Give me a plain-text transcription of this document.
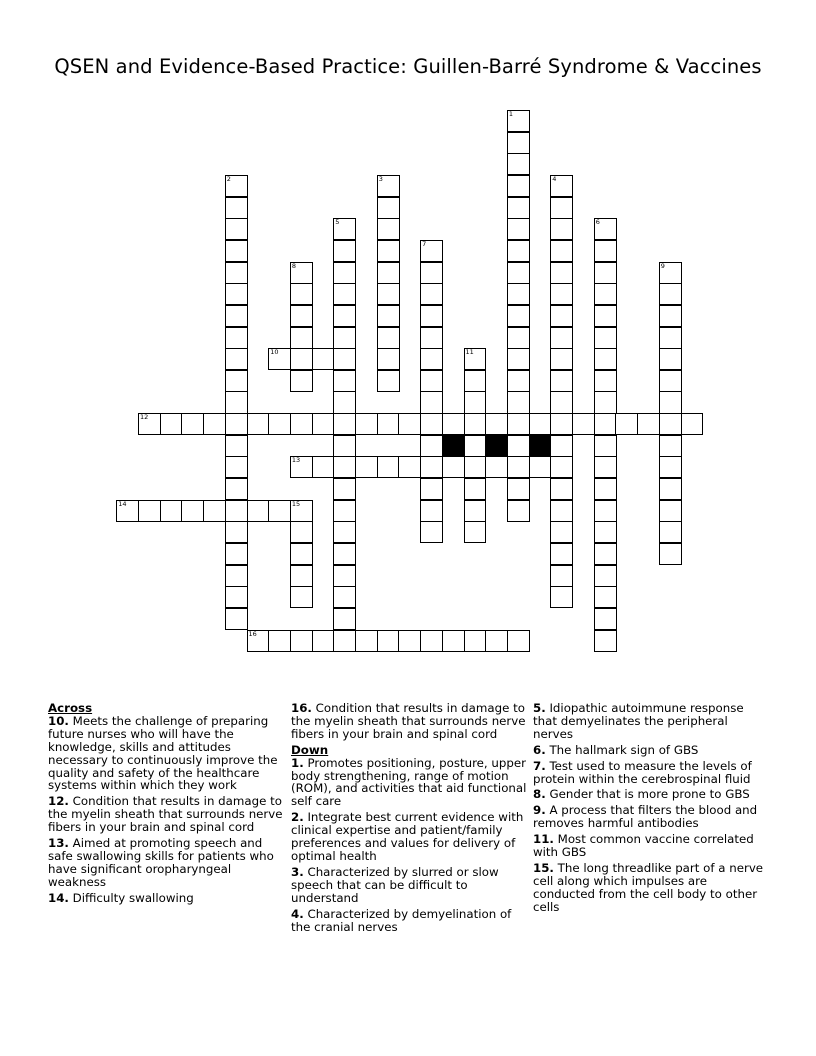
QSEN and Evidence-Based Practice: Guillen-Barré Syndrome & Vaccines
1
2	3	4
5	6
7
8	9
10	11
12
13
14	15
16
Across
10. Meets the challenge of preparing future nurses who will have the knowledge, skills and attitudes necessary to continuously improve the quality and safety of the healthcare systems within which they work
12. Condition that results in damage to the myelin sheath that surrounds nerve fibers in your brain and spinal cord
13. Aimed at promoting speech and safe swallowing skills for patients who have significant oropharyngeal weakness
14. Difficulty swallowing
16. Condition that results in damage to the myelin sheath that surrounds nerve fibers in your brain and spinal cord
Down
1. Promotes positioning, posture, upper body strengthening, range of motion (ROM), and activities that aid functional self care
2. Integrate best current evidence with clinical expertise and patient/family preferences and values for delivery of optimal health
3. Characterized by slurred or slow speech that can be difficult to understand
4. Characterized by demyelination of the cranial nerves
5. Idiopathic autoimmune response that demyelinates the peripheral nerves
6. The hallmark sign of GBS
7. Test used to measure the levels of protein within the cerebrospinal fluid
8. Gender that is more prone to GBS
9. A process that filters the blood and removes harmful antibodies
11. Most common vaccine correlated with GBS
15. The long threadlike part of a nerve cell along which impulses are conducted from the cell body to other cells
